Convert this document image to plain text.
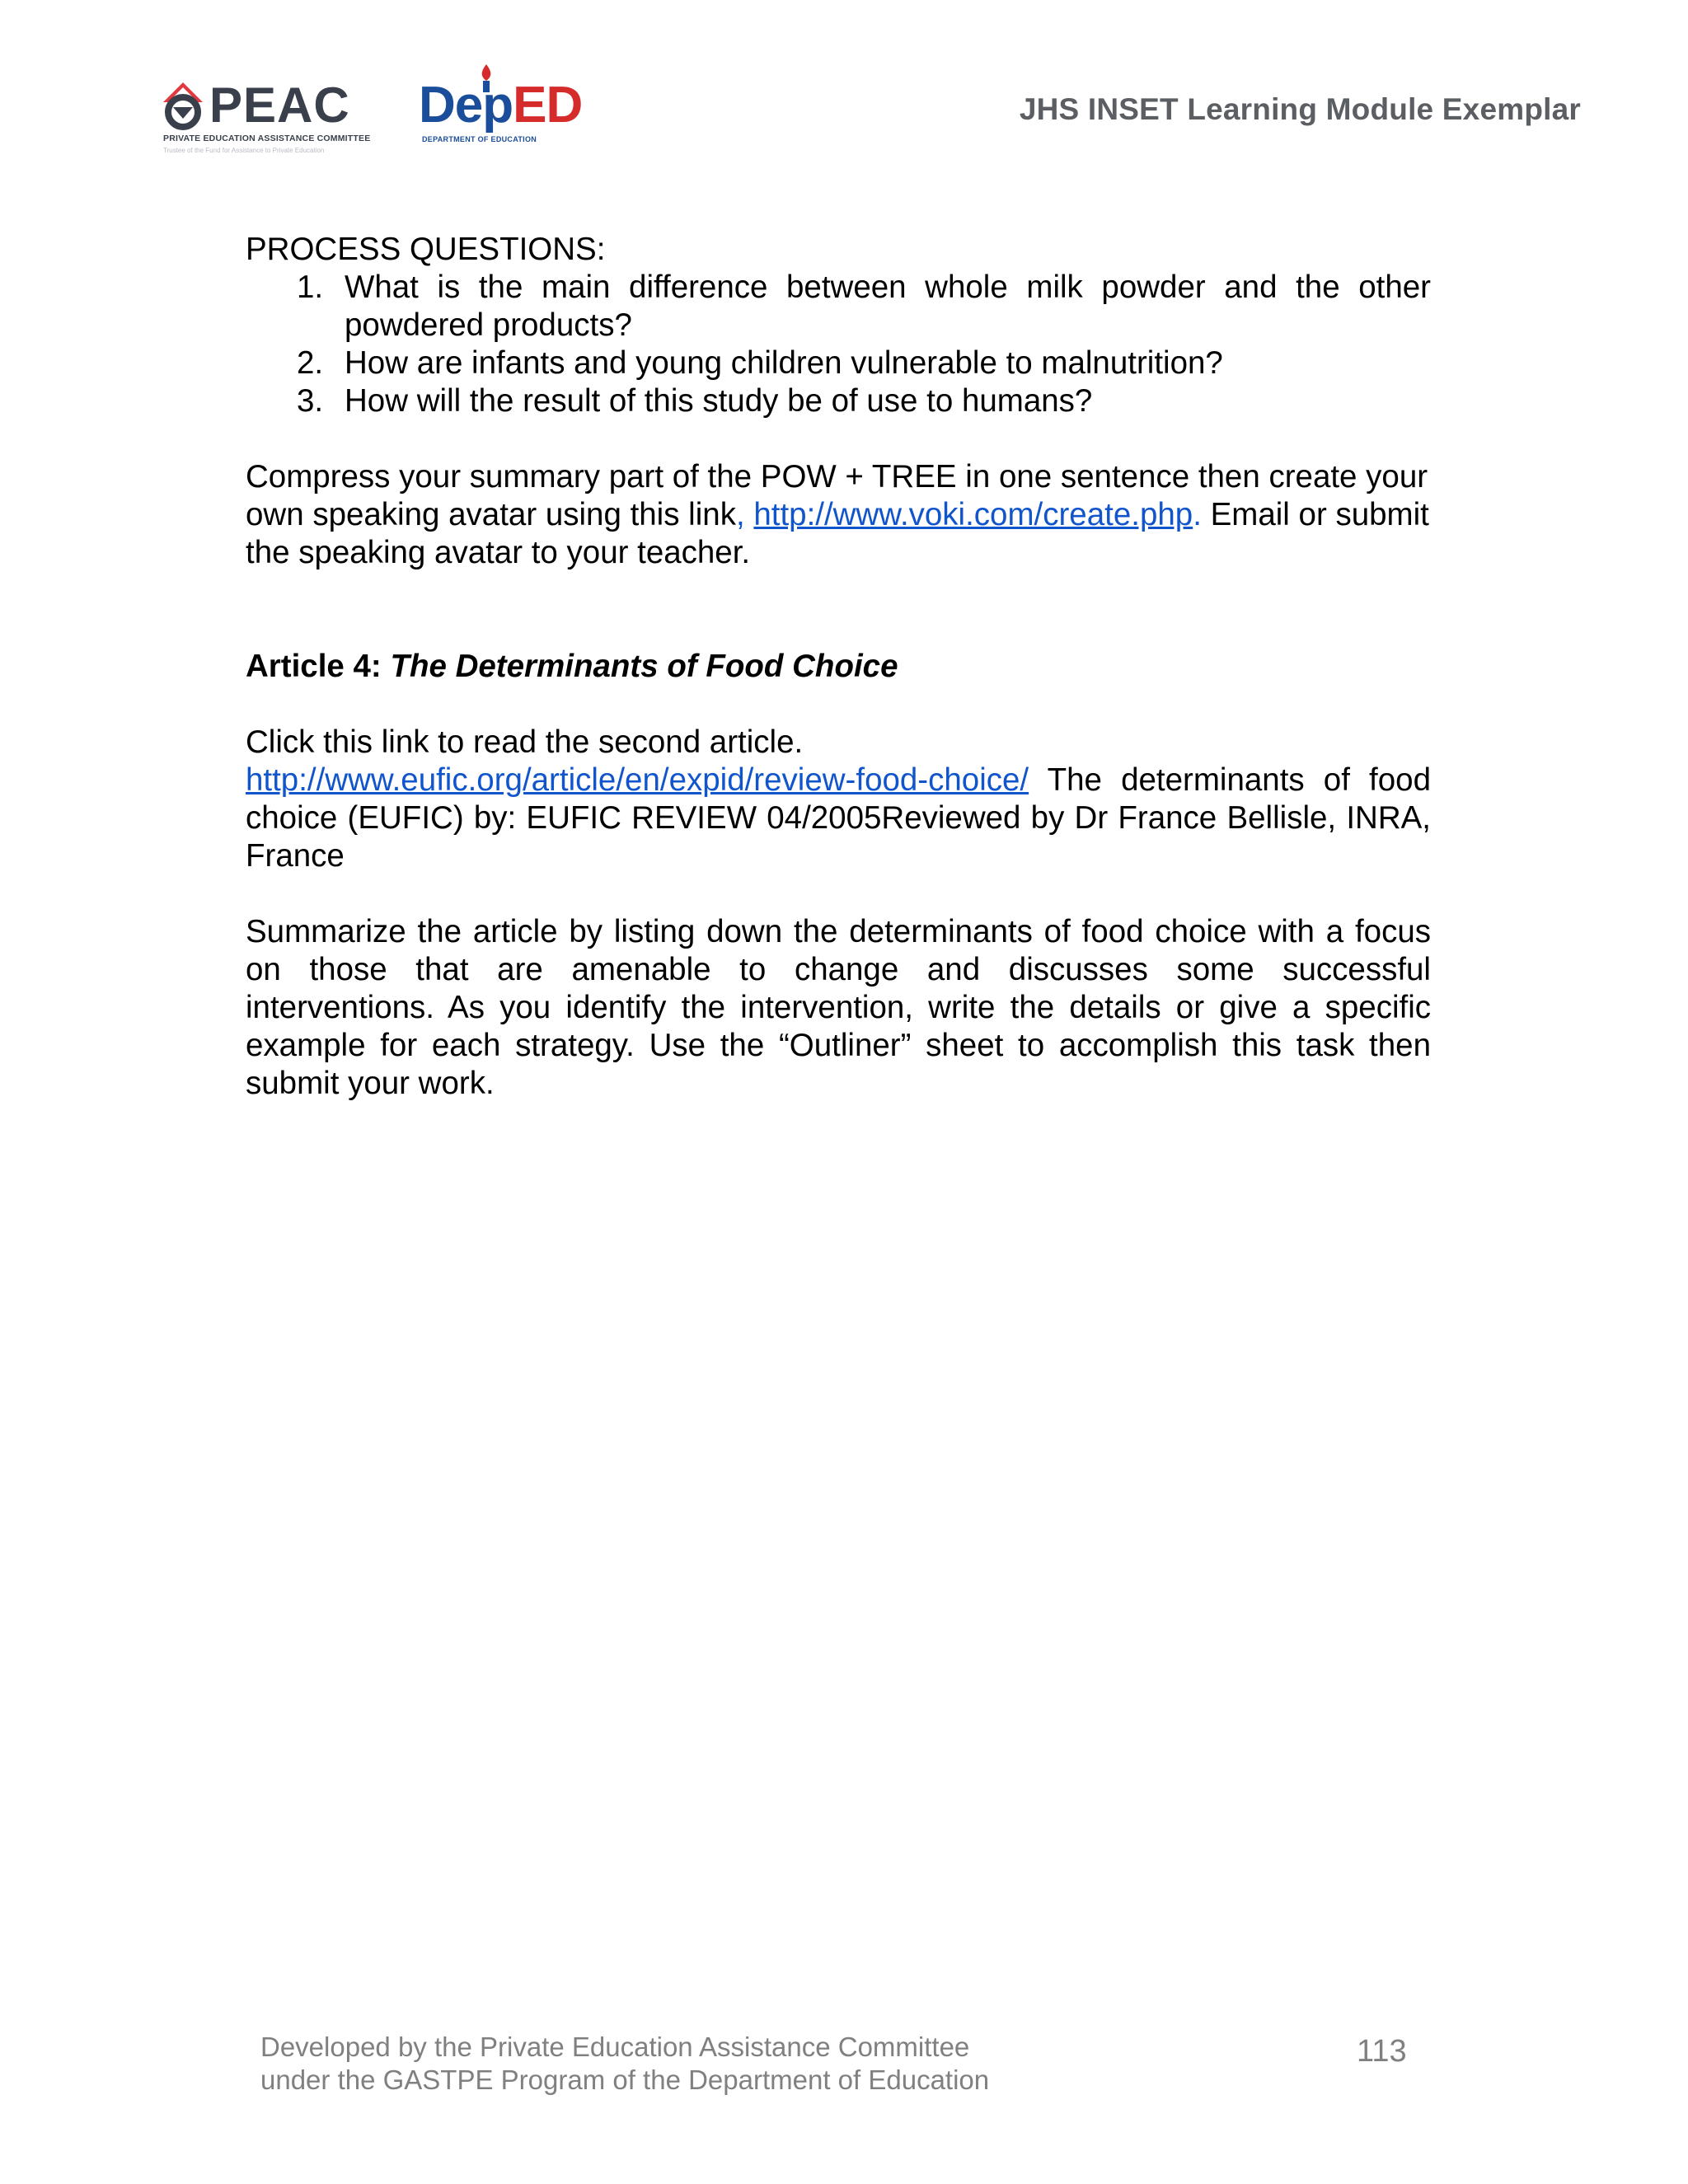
PEAC
PRIVATE EDUCATION ASSISTANCE COMMITTEE
Trustee of the Fund for Assistance to Private Education
DepED
DEPARTMENT OF EDUCATION
JHS INSET Learning Module Exemplar

PROCESS QUESTIONS:

1. What is the main difference between whole milk powder and the other powdered products?
2. How are infants and young children vulnerable to malnutrition?
3. How will the result of this study be of use to humans?

Compress your summary part of the POW + TREE in one sentence then create your own speaking avatar using this link, http://www.voki.com/create.php. Email or submit the speaking avatar to your teacher.

Article 4: The Determinants of Food Choice

Click this link to read the second article.

http://www.eufic.org/article/en/expid/review-food-choice/ The determinants of food choice (EUFIC) by: EUFIC REVIEW 04/2005Reviewed by Dr France Bellisle, INRA, France

Summarize the article by listing down the determinants of food choice with a focus on those that are amenable to change and discusses some successful interventions. As you identify the intervention, write the details or give a specific example for each strategy. Use the “Outliner” sheet to accomplish this task then submit your work.

Developed by the Private Education Assistance Committee
under the GASTPE Program of the Department of Education
113
